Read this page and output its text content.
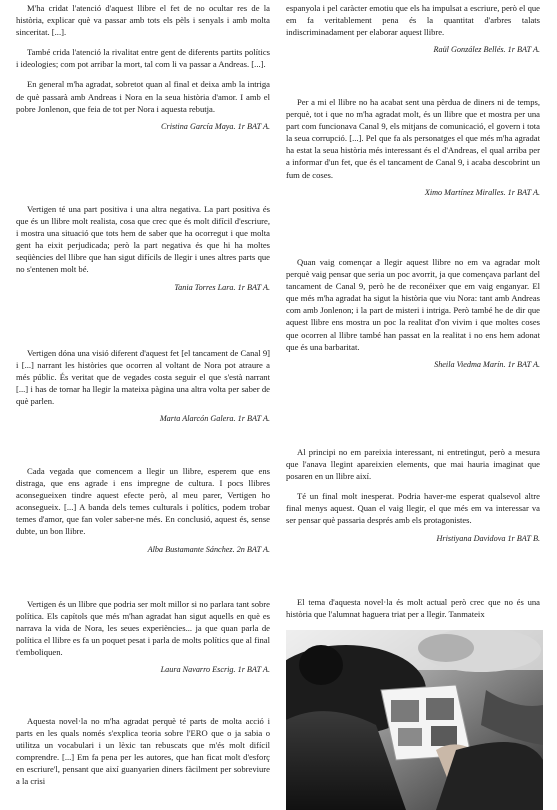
M'ha cridat l'atenció d'aquest llibre el fet de no ocultar res de la història, explicar què va passar amb tots els pèls i senyals i amb molta sinceritat. [...].

També crida l'atenció la rivalitat entre gent de diferents partits polítics i ideologies; com pot arribar la mort, tal com li va passar a Andreas. [...].

En general m'ha agradat, sobretot quan al final et deixa amb la intriga de què passarà amb Andreas i Nora en la seua història d'amor. I amb el pobre Jonlenon, que feia de tot per Nora i aquesta rebutja.

Cristina García Maya. 1r BAT A.

Vertigen té una part positiva i una altra negativa. La part positiva és que és un llibre molt realista, cosa que crec que és molt difícil d'escriure, i mostra una situació que tots hem de saber que ha ocorregut i que molta gent ha eixit perjudicada; però la part negativa és que hi ha moltes seqüències del llibre que han sigut difícils de llegir i unes altres parts que no s'entenen molt bé.

Tania Torres Lara. 1r BAT A.

Vertigen dóna una visió diferent d'aquest fet [el tancament de Canal 9] i [...] narrant les històries que ocorren al voltant de Nora pot atraure a més públic. És veritat que de vegades costa seguir el que s'està narrant [...] i has de tornar ha llegir la mateixa pàgina una altra volta per saber de què parlen.

Marta Alarcón Galera. 1r BAT A.

Cada vegada que comencem a llegir un llibre, esperem que ens distraga, que ens agrade i ens impregne de cultura. I pocs llibres aconsegueixen tindre aquest efecte però, al meu parer, Vertigen ho aconsegueix. [...] A banda dels temes culturals i polítics, podem trobar temes d'amor, que fan voler saber-ne més. En conclusió, aquest és, sense dubte, un bon llibre.

Alba Bustamante Sánchez. 2n BAT A.

Vertigen és un llibre que podria ser molt millor si no parlara tant sobre política. Els capítols que més m'han agradat han sigut aquells en què es narrava la vida de Nora, les seues experiències... ja que quan parla de política el llibre es fa un poquet pesat i parla de molts polítics que al final t'emboliquen.

Laura Navarro Escrig. 1r BAT A.

Aquesta novel·la no m'ha agradat perquè té parts de molta acció i parts en les quals només s'explica teoria sobre l'ERO que o ja sabia o utilitza un vocabulari i un lèxic tan rebuscats que m'és molt difícil comprendre. [...] Em fa pena per les autores, que han ficat molt d'esforç en escriure'l, pensant que així guanyarien diners fàcilment per sobreviure a la crisi

espanyola i pel caràcter emotiu que els ha impulsat a escriure, però el que em fa veritablement pena és la quantitat d'arbres talats indiscriminadament per elaborar aquest llibre.

Raül González Bellés. 1r BAT A.

Per a mi el llibre no ha acabat sent una pèrdua de diners ni de temps, perquè, tot i que no m'ha agradat molt, és un llibre que et mostra per una part com funcionava Canal 9, els mitjans de comunicació, el govern i tota la seua corrupció. [...]. Pel que fa als personatges el que més m'ha agradat ha estat la seua història més interessant és el d'Andreas, el qual arriba per a informar d'un fet, que és el tancament de Canal 9, i acaba descobrint un fum de coses.

Ximo Martínez Miralles. 1r BAT A.

Quan vaig començar a llegir aquest llibre no em va agradar molt perquè vaig pensar que seria un poc avorrit, ja que començava parlant del tancament de Canal 9, però he de reconéixer que em vaig enganyar. El que més m'ha agradat ha sigut la història que viu Nora: tant amb Andreas com amb Jonlenon; i la part de misteri i intriga. Però també he de dir que aquest llibre ens mostra un poc la realitat d'on vivim i que moltes coses que ocorren al llibre també han passat en la realitat i no ens hem adonat que és una barbaritat.

Sheila Viedma Marín. 1r BAT A.

Al principi no em pareixia interessant, ni entretingut, però a mesura que l'anava llegint apareixien elements, que mai hauria imaginat que posaren en un llibre així.

Té un final molt inesperat. Podria haver-me esperat qualsevol altre final menys aquest. Quan el vaig llegir, el que més em va interessar va ser pensar què passaria després amb els protagonistes.

Hristiyana Davidova 1r BAT B.

El tema d'aquesta novel·la és molt actual però crec que no és una història que l'alumnat haguera triat per a llegir. Tanmateix
